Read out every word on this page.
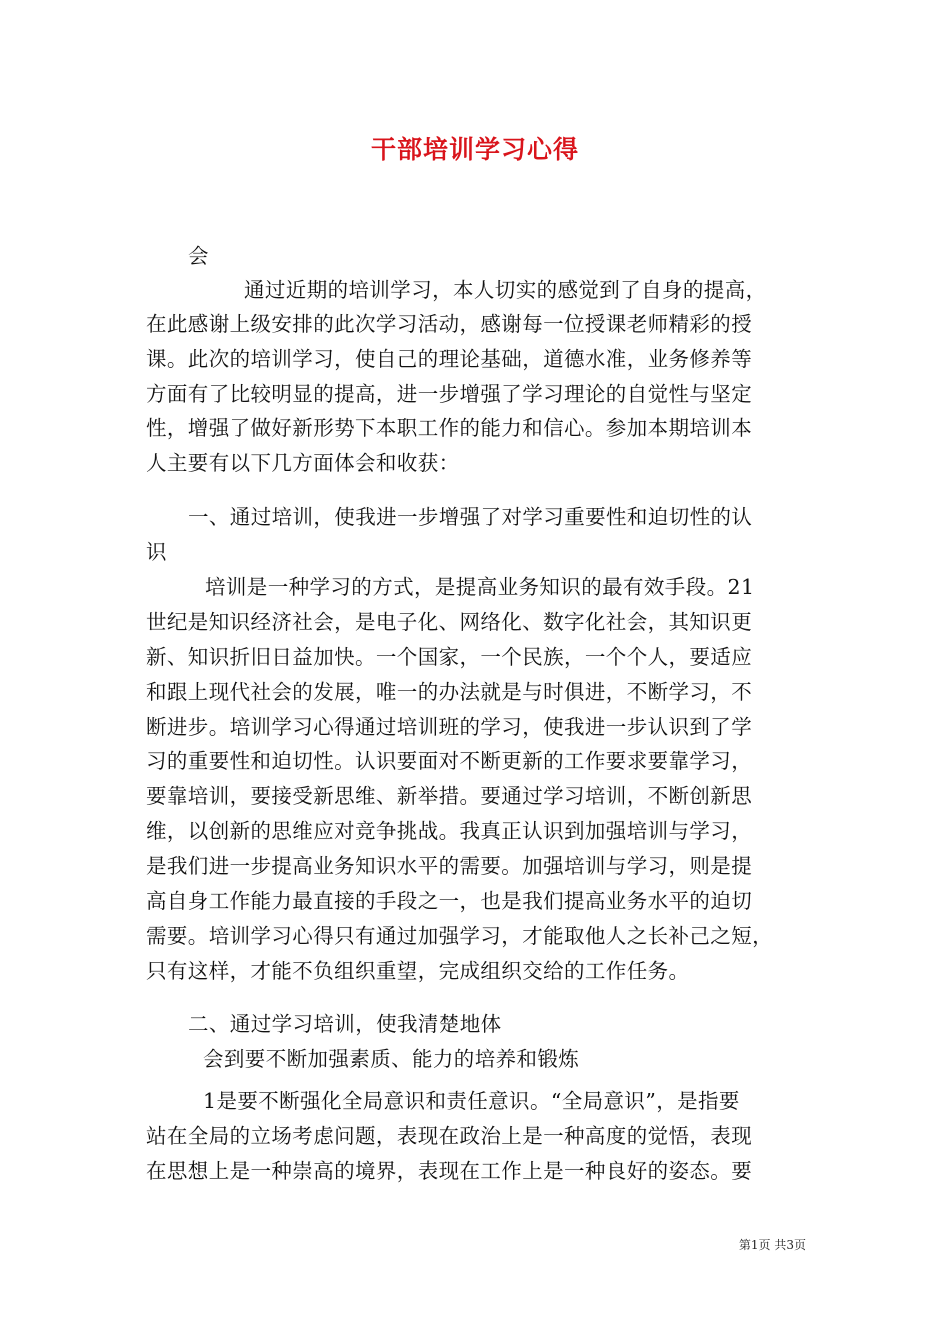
干部培训学习心得
会
通过近期的培训学习，本人切实的感觉到了自身的提高，
在此感谢上级安排的此次学习活动，感谢每一位授课老师精彩的授
课。此次的培训学习，使自己的理论基础，道德水准，业务修养等
方面有了比较明显的提高，进一步增强了学习理论的自觉性与坚定
性，增强了做好新形势下本职工作的能力和信心。参加本期培训本
人主要有以下几方面体会和收获：
一、通过培训，使我进一步增强了对学习重要性和迫切性的认
识
培训是一种学习的方式，是提高业务知识的最有效手段。21
世纪是知识经济社会，是电子化、网络化、数字化社会，其知识更
新、知识折旧日益加快。一个国家，一个民族，一个个人，要适应
和跟上现代社会的发展，唯一的办法就是与时俱进，不断学习，不
断进步。培训学习心得通过培训班的学习，使我进一步认识到了学
习的重要性和迫切性。认识要面对不断更新的工作要求要靠学习，
要靠培训，要接受新思维、新举措。要通过学习培训，不断创新思
维，以创新的思维应对竞争挑战。我真正认识到加强培训与学习，
是我们进一步提高业务知识水平的需要。加强培训与学习，则是提
高自身工作能力最直接的手段之一，也是我们提高业务水平的迫切
需要。培训学习心得只有通过加强学习，才能取他人之长补己之短，
只有这样，才能不负组织重望，完成组织交给的工作任务。
二、通过学习培训，使我清楚地体
会到要不断加强素质、能力的培养和锻炼
1是要不断强化全局意识和责任意识。“全局意识”，是指要
站在全局的立场考虑问题，表现在政治上是一种高度的觉悟，表现
在思想上是一种崇高的境界，表现在工作上是一种良好的姿态。要
第1页 共3页
